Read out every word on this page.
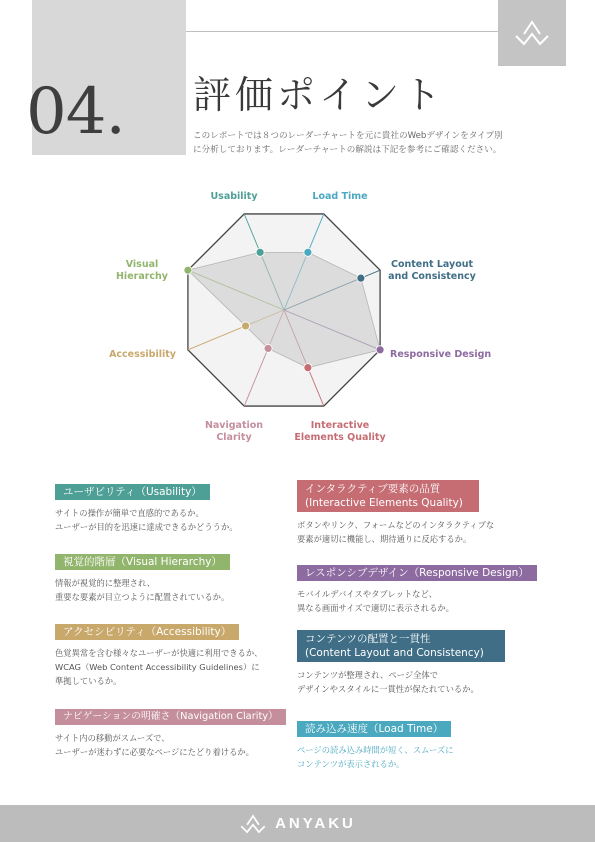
04. 評価ポイント
このレポートでは８つのレーダーチャートを元に貴社のWebデザインをタイプ別
に分析しております。レーダーチャートの解説は下記を参考にご確認ください。
Usability	Load Time
Content Layout
and Consistency
Responsive Design
Interactive
Elements Quality
Navigation
Clarity
Accessibility
Visual
Hierarchy
ユーザビリティ（Usability）
サイトの操作が簡単で直感的であるか。
ユーザーが目的を迅速に達成できるかどううか。
視覚的階層（Visual Hierarchy）
情報が視覚的に整理され、
重要な要素が目立つように配置されているか。
アクセシビリティ（Accessibility）
色覚異常を含む様々なユーザーが快適に利用できるか、
WCAG（Web Content Accessibility Guidelines）に
準拠しているか。
ナビゲーションの明確さ（Navigation Clarity）
サイト内の移動がスムーズで、
ユーザーが迷わずに必要なページにたどり着けるか。
インタラクティブ要素の品質
(Interactive Elements Quality)
ボタンやリンク、フォームなどのインタラクティブな
要素が適切に機能し、期待通りに反応するか。
レスポンシブデザイン（Responsive Design）
モバイルデバイスやタブレットなど、
異なる画面サイズで適切に表示されるか。
コンテンツの配置と一貫性
(Content Layout and Consistency)
コンテンツが整理され、ページ全体で
デザインやスタイルに一貫性が保たれているか。
読み込み速度（Load Time）
ページの読み込み時間が短く、スムーズに
コンテンツが表示されるか。
ANYAKU
